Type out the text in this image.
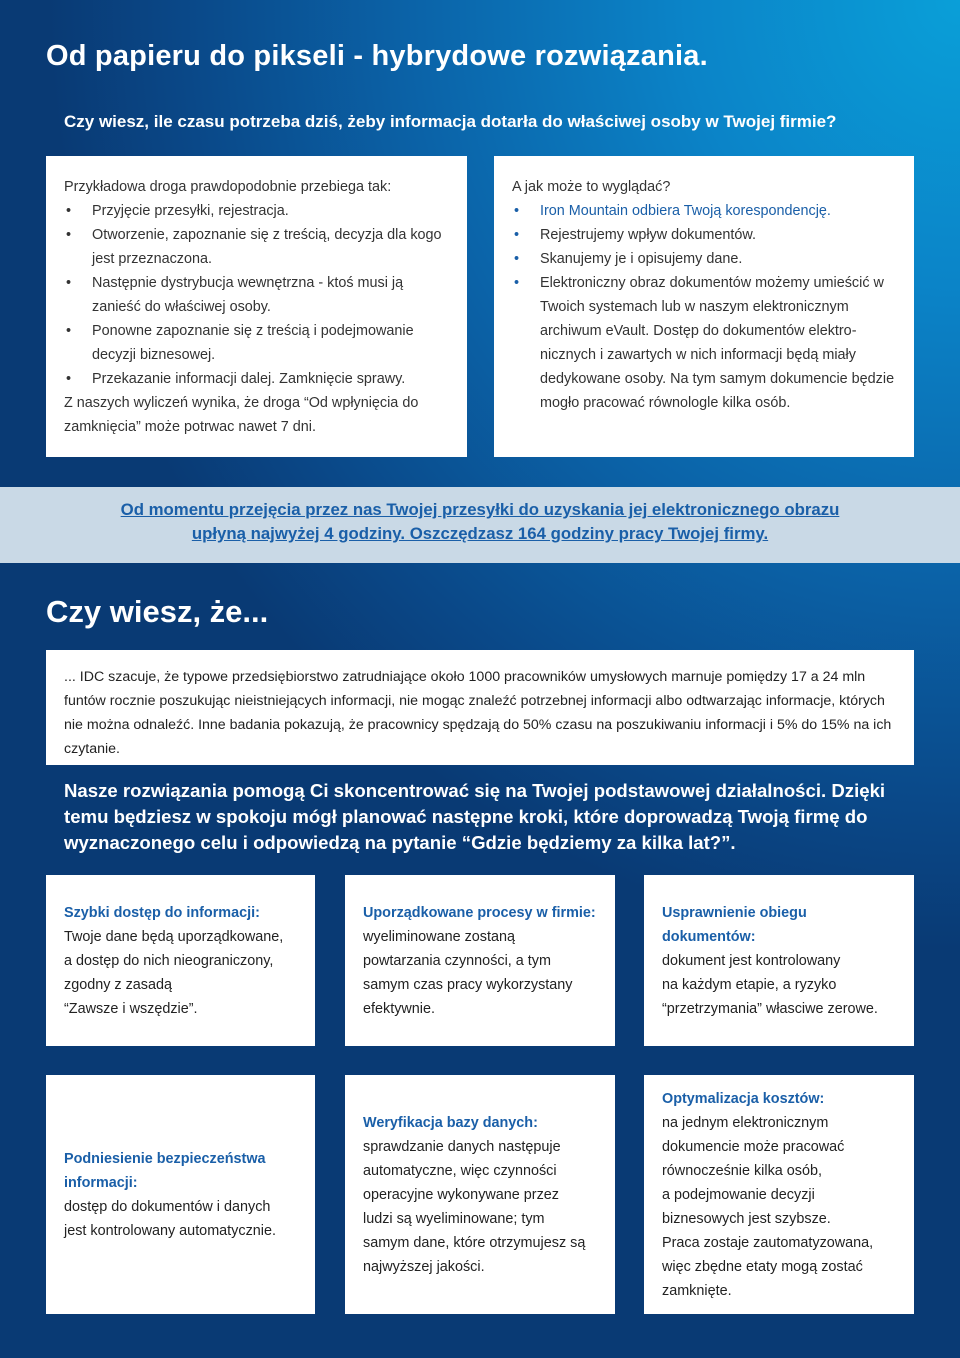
Od papieru do pikseli - hybrydowe rozwiązania.
Czy wiesz, ile czasu potrzeba dziś, żeby informacja dotarła do właściwej osoby w Twojej firmie?
Przykładowa droga prawdopodobnie przebiega tak:
• Przyjęcie przesyłki, rejestracja.
• Otworzenie, zapoznanie się z treścią, decyzja dla kogo jest przeznaczona.
• Następnie dystrybucja wewnętrzna - ktoś musi ją zanieść do właściwej osoby.
• Ponowne zapoznanie się z treścią i podejmowanie decyzji biznesowej.
• Przekazanie informacji dalej. Zamknięcie sprawy.
Z naszych wyliczeń wynika, że droga “Od wpłynięcia do zamknięcia” może potrwac nawet 7 dni.
A jak może to wyglądać?
• Iron Mountain odbiera Twoją korespondencję.
• Rejestrujemy wpływ dokumentów.
• Skanujemy je i opisujemy dane.
• Elektroniczny obraz dokumentów możemy umieścić w Twoich systemach lub w naszym elektronicznym archiwum eVault. Dostęp do dokumentów elektro-nicznych i zawartych w nich informacji będą miały dedykowane osoby. Na tym samym dokumencie będzie mogło pracować równologle kilka osób.

Od momentu przejęcia przez nas Twojej przesyłki do uzyskania jej elektronicznego obrazu
upłyną najwyżej 4 godziny. Oszczędzasz 164 godziny pracy Twojej firmy.

Czy wiesz, że...
... IDC szacuje, że typowe przedsiębiorstwo zatrudniające około 1000 pracowników umysłowych marnuje pomiędzy 17 a 24 mln funtów rocznie poszukując nieistniejących informacji, nie mogąc znaleźć potrzebnej informacji albo odtwarzając informacje, których nie można odnaleźć. Inne badania pokazują, że pracownicy spędzają do 50% czasu na poszukiwaniu informacji i 5% do 15% na ich czytanie.
Nasze rozwiązania pomogą Ci skoncentrować się na Twojej podstawowej działalności. Dzięki temu będziesz w spokoju mógł planować następne kroki, które doprowadzą Twoją firmę do wyznaczonego celu i odpowiedzą na pytanie “Gdzie będziemy za kilka lat?”.
Szybki dostęp do informacji:
Twoje dane będą uporządkowane,
a dostęp do nich nieograniczony,
zgodny z zasadą
“Zawsze i wszędzie”.
Uporządkowane procesy w firmie:
wyeliminowane zostaną
powtarzania czynności, a tym
samym czas pracy wykorzystany
efektywnie.
Usprawnienie obiegu dokumentów:
dokument jest kontrolowany
na każdym etapie, a ryzyko
“przetrzymania” własciwe zerowe.
Podniesienie bezpieczeństwa informacji:
dostęp do dokumentów i danych
jest kontrolowany automatycznie.
Weryfikacja bazy danych:
sprawdzanie danych następuje
automatyczne, więc czynności
operacyjne wykonywane przez
ludzi są wyeliminowane; tym
samym dane, które otrzymujesz są
najwyższej jakości.
Optymalizacja kosztów:
na jednym elektronicznym
dokumencie może pracować
równocześnie kilka osób,
a podejmowanie decyzji
biznesowych jest szybsze.
Praca zostaje zautomatyzowana,
więc zbędne etaty mogą zostać
zamknięte.
